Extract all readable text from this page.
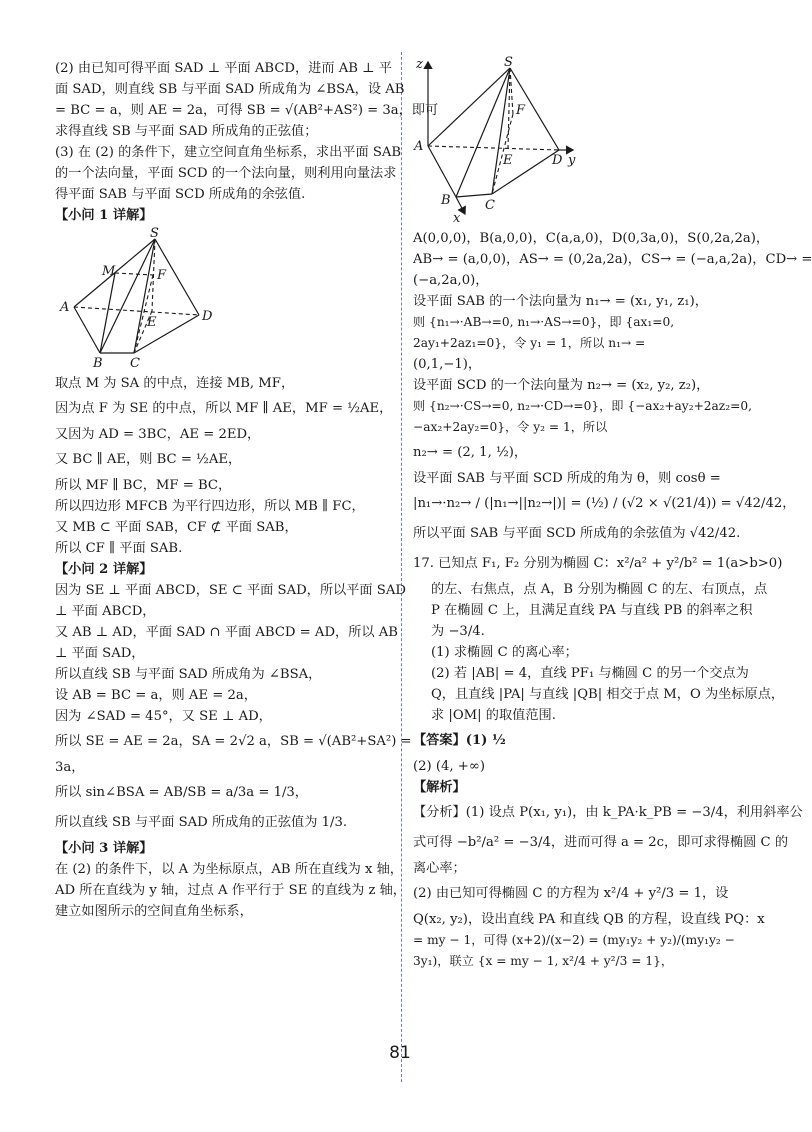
(2) 由已知可得平面 SAD ⊥ 平面 ABCD，进而 AB ⊥ 平
面 SAD，则直线 SB 与平面 SAD 所成角为 ∠BSA，设 AB
= BC = a，则 AE = 2a，可得 SB = √(AB²+AS²) = 3a，即可
求得直线 SB 与平面 SAD 所成角的正弦值；
(3) 在 (2) 的条件下，建立空间直角坐标系，求出平面 SAB
的一个法向量，平面 SCD 的一个法向量，则利用向量法求
得平面 SAB 与平面 SCD 所成角的余弦值.
【小问 1 详解】
S
M	F
A
E	D
B C
取点 M 为 SA 的中点，连接 MB, MF，
因为点 F 为 SE 的中点，所以 MF ∥ AE，MF = ½AE，
又因为 AD = 3BC，AE = 2ED，
又 BC ∥ AE，则 BC = ½AE，
所以 MF ∥ BC，MF = BC，
所以四边形 MFCB 为平行四边形，所以 MB ∥ FC，
又 MB ⊂ 平面 SAB，CF ⊄ 平面 SAB，
所以 CF ∥ 平面 SAB.
【小问 2 详解】
因为 SE ⊥ 平面 ABCD，SE ⊂ 平面 SAD，所以平面 SAD
⊥ 平面 ABCD，
又 AB ⊥ AD，平面 SAD ∩ 平面 ABCD = AD，所以 AB
⊥ 平面 SAD，
所以直线 SB 与平面 SAD 所成角为 ∠BSA，
设 AB = BC = a，则 AE = 2a，
因为 ∠SAD = 45°，又 SE ⊥ AD，
所以 SE = AE = 2a，SA = 2√2 a，SB = √(AB²+SA²) =
3a，
所以 sin∠BSA = AB/SB = a/3a = 1/3，
所以直线 SB 与平面 SAD 所成角的正弦值为 1/3.
【小问 3 详解】
在 (2) 的条件下，以 A 为坐标原点，AB 所在直线为 x 轴，
AD 所在直线为 y 轴，过点 A 作平行于 SE 的直线为 z 轴，
建立如图所示的空间直角坐标系，
z	S
F
A
E	D y
B	C
x
A(0,0,0)，B(a,0,0)，C(a,a,0)，D(0,3a,0)，S(0,2a,2a)，
AB→ = (a,0,0)，AS→ = (0,2a,2a)，CS→ = (−a,a,2a)，CD→ =
(−a,2a,0)，
设平面 SAB 的一个法向量为 n₁→ = (x₁, y₁, z₁)，
则 {n₁→·AB→=0, n₁→·AS→=0}，即 {ax₁=0, 2ay₁+2az₁=0}，令 y₁ = 1，所以 n₁→ =
(0,1,−1)，
设平面 SCD 的一个法向量为 n₂→ = (x₂, y₂, z₂)，
则 {n₂→·CS→=0, n₂→·CD→=0}，即 {−ax₂+ay₂+2az₂=0, −ax₂+2ay₂=0}，令 y₂ = 1，所以
n₂→ = (2, 1, ½)，
设平面 SAB 与平面 SCD 所成的角为 θ，则 cosθ =
|n₁→·n₂→ / (|n₁→||n₂→|)| = (½) / (√2 × √(21/4)) = √42/42，
所以平面 SAB 与平面 SCD 所成角的余弦值为 √42/42.
17. 已知点 F₁, F₂ 分别为椭圆 C：x²/a² + y²/b² = 1(a>b>0)
的左、右焦点，点 A，B 分别为椭圆 C 的左、右顶点，点
P 在椭圆 C 上，且满足直线 PA 与直线 PB 的斜率之积
为 −3/4.
(1) 求椭圆 C 的离心率；
(2) 若 |AB| = 4，直线 PF₁ 与椭圆 C 的另一个交点为
Q，且直线 |PA| 与直线 |QB| 相交于点 M，O 为坐标原点，
求 |OM| 的取值范围.
【答案】(1) ½
(2) (4, +∞)
【解析】
【分析】(1) 设点 P(x₁, y₁)，由 k_PA·k_PB = −3/4，利用斜率公
式可得 −b²/a² = −3/4，进而可得 a = 2c，即可求得椭圆 C 的
离心率；
(2) 由已知可得椭圆 C 的方程为 x²/4 + y²/3 = 1，设
Q(x₂, y₂)，设出直线 PA 和直线 QB 的方程，设直线 PQ：x
= my − 1，可得 (x+2)/(x−2) = (my₁y₂ + y₂)/(my₁y₂ − 3y₁)，联立 {x = my − 1, x²/4 + y²/3 = 1}，
81
